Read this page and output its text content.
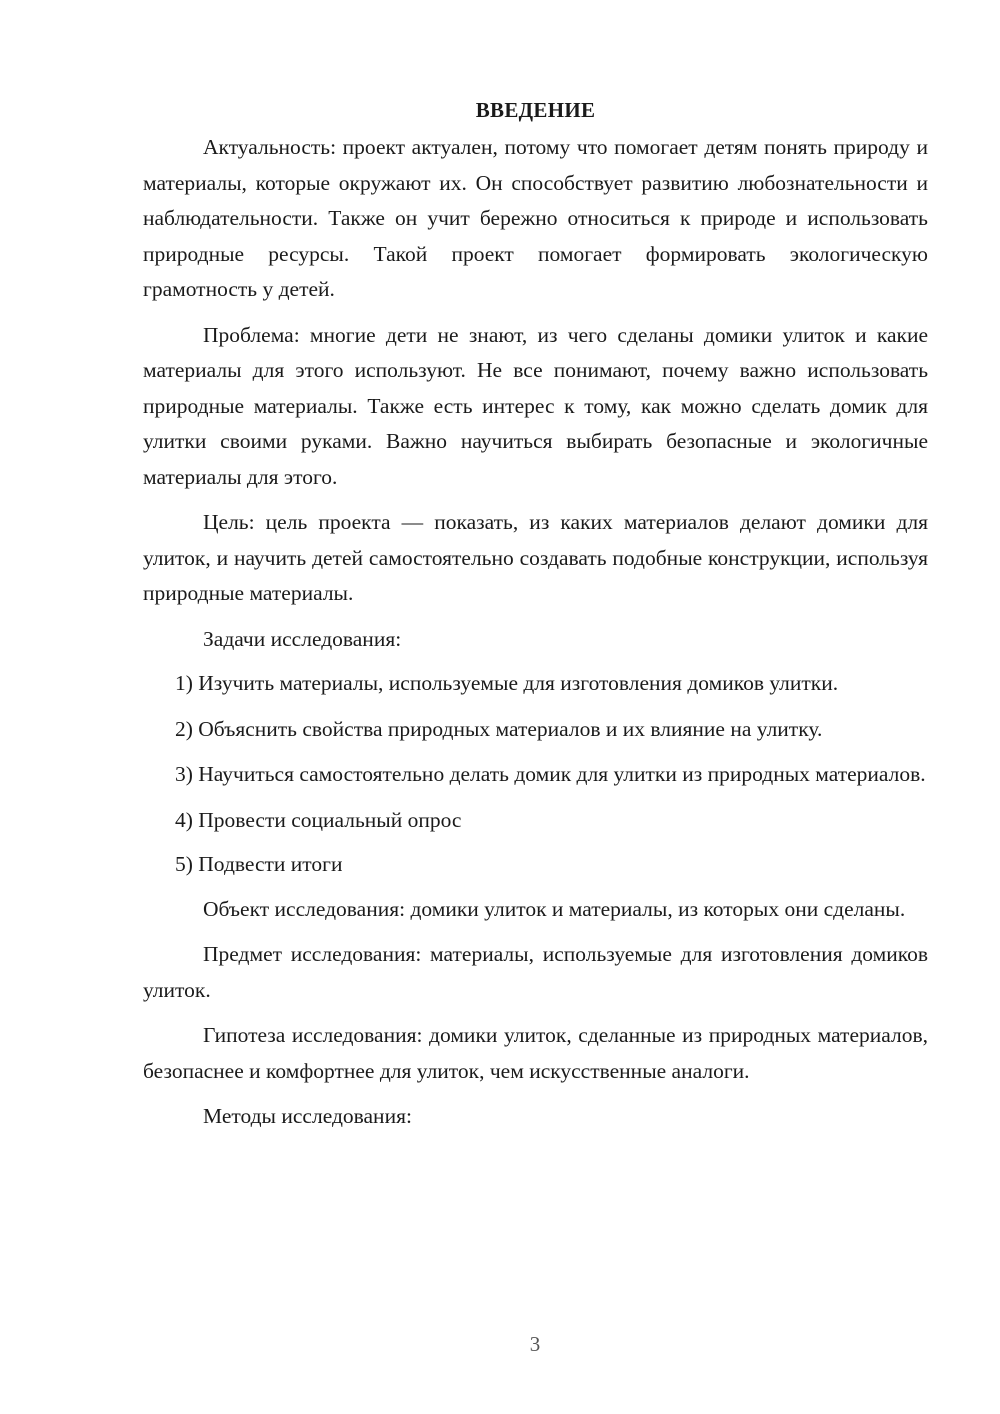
ВВЕДЕНИЕ

Актуальность: проект актуален, потому что помогает детям понять природу и материалы, которые окружают их. Он способствует развитию любознательности и наблюдательности. Также он учит бережно относиться к природе и использовать природные ресурсы. Такой проект помогает формировать экологическую грамотность у детей.

Проблема: многие дети не знают, из чего сделаны домики улиток и какие материалы для этого используют. Не все понимают, почему важно использовать природные материалы. Также есть интерес к тому, как можно сделать домик для улитки своими руками. Важно научиться выбирать безопасные и экологичные материалы для этого.

Цель: цель проекта — показать, из каких материалов делают домики для улиток, и научить детей самостоятельно создавать подобные конструкции, используя природные материалы.

Задачи исследования:

1) Изучить материалы, используемые для изготовления домиков улитки.

2) Объяснить свойства природных материалов и их влияние на улитку.

3) Научиться самостоятельно делать домик для улитки из природных материалов.

4) Провести социальный опрос

5) Подвести итоги

Объект исследования: домики улиток и материалы, из которых они сделаны.

Предмет исследования: материалы, используемые для изготовления домиков улиток.

Гипотеза исследования: домики улиток, сделанные из природных материалов, безопаснее и комфортнее для улиток, чем искусственные аналоги.

Методы исследования:

3
